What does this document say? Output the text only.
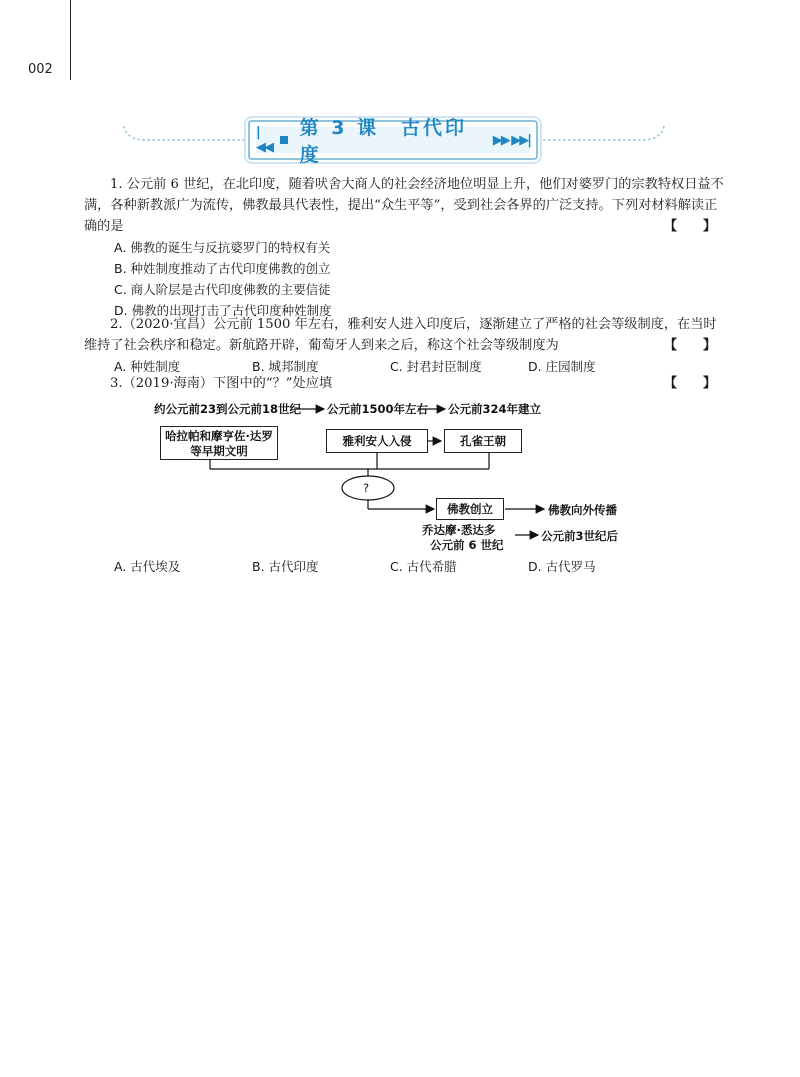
002
|◀◀
第 3 课　古代印度
▶▶ ▶▶|

1. 公元前 6 世纪，在北印度，随着吠舍大商人的社会经济地位明显上升，他们对婆罗门的宗教特权日益不满，各种新教派广为流传，佛教最具代表性，提出“众生平等”，受到社会各界的广泛支持。下列对材料解读正确的是	【　　】

A. 佛教的诞生与反抗婆罗门的特权有关

B. 种姓制度推动了古代印度佛教的创立

C. 商人阶层是古代印度佛教的主要信徒

D. 佛教的出现打击了古代印度种姓制度

2.（2020·宜昌）公元前 1500 年左右，雅利安人进入印度后，逐渐建立了严格的社会等级制度，在当时维持了社会秩序和稳定。新航路开辟，葡萄牙人到来之后，称这个社会等级制度为	【　　】
A. 种姓制度	B. 城邦制度	C. 封君封臣制度	D. 庄园制度

3.（2019·海南）下图中的“？”处应填	【　　】
约公元前23到公元前18世纪 公元前1500年左右 公元前324年建立
哈拉帕和摩亨佐·达罗
等早期文明
雅利安人入侵	孔雀王朝
?
佛教创立	佛教向外传播
乔达摩·悉达多
公元前 6 世纪
公元前3世纪后
A. 古代埃及	B. 古代印度	C. 古代希腊	D. 古代罗马
